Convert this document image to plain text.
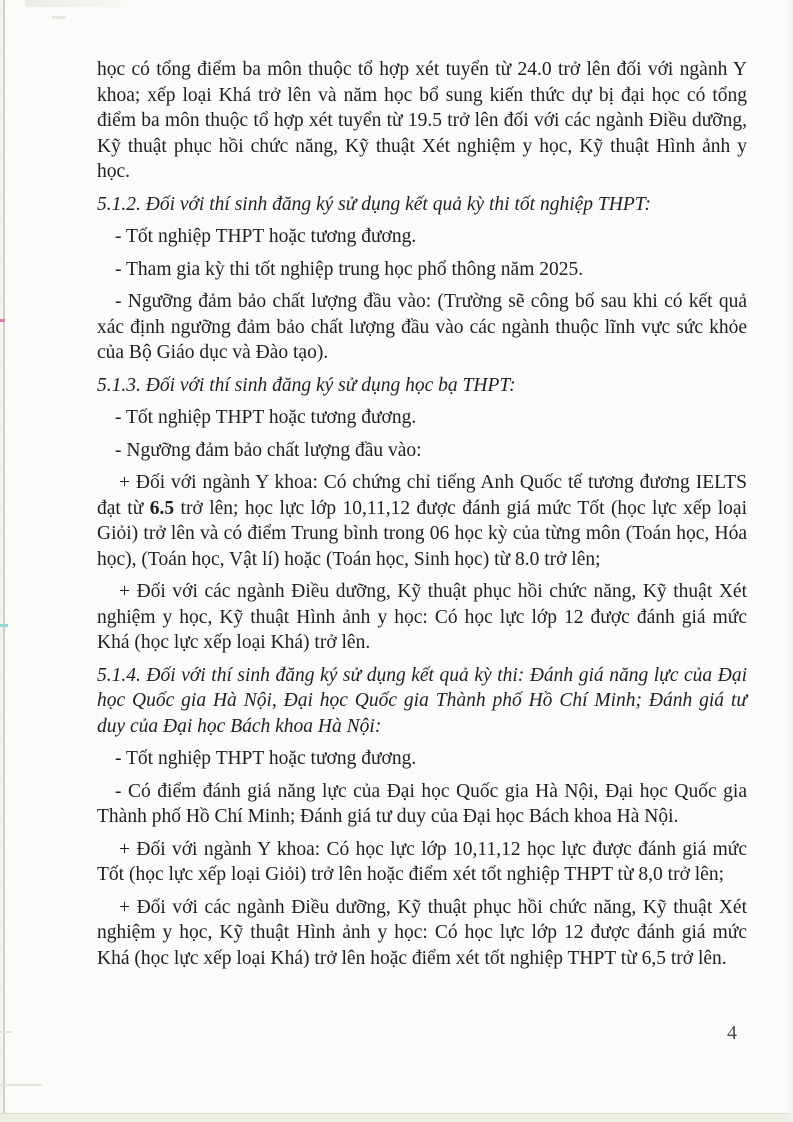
học có tổng điểm ba môn thuộc tổ hợp xét tuyển từ 24.0 trở lên đối với ngành Y khoa; xếp loại Khá trở lên và năm học bổ sung kiến thức dự bị đại học có tổng điểm ba môn thuộc tổ hợp xét tuyển từ 19.5 trở lên đối với các ngành Điều dưỡng, Kỹ thuật phục hồi chức năng, Kỹ thuật Xét nghiệm y học, Kỹ thuật Hình ảnh y học.

5.1.2. Đối với thí sinh đăng ký sử dụng kết quả kỳ thi tốt nghiệp THPT:

- Tốt nghiệp THPT hoặc tương đương.

- Tham gia kỳ thi tốt nghiệp trung học phổ thông năm 2025.

- Ngưỡng đảm bảo chất lượng đầu vào: (Trường sẽ công bố sau khi có kết quả xác định ngưỡng đảm bảo chất lượng đầu vào các ngành thuộc lĩnh vực sức khỏe của Bộ Giáo dục và Đào tạo).

5.1.3. Đối với thí sinh đăng ký sử dụng học bạ THPT:

- Tốt nghiệp THPT hoặc tương đương.

- Ngưỡng đảm bảo chất lượng đầu vào:

+ Đối với ngành Y khoa: Có chứng chỉ tiếng Anh Quốc tế tương đương IELTS đạt từ 6.5 trở lên; học lực lớp 10,11,12 được đánh giá mức Tốt (học lực xếp loại Giỏi) trở lên và có điểm Trung bình trong 06 học kỳ của từng môn (Toán học, Hóa học), (Toán học, Vật lí) hoặc (Toán học, Sinh học) từ 8.0 trở lên;

+ Đối với các ngành Điều dưỡng, Kỹ thuật phục hồi chức năng, Kỹ thuật Xét nghiệm y học, Kỹ thuật Hình ảnh y học: Có học lực lớp 12 được đánh giá mức Khá (học lực xếp loại Khá) trở lên.

5.1.4. Đối với thí sinh đăng ký sử dụng kết quả kỳ thi: Đánh giá năng lực của Đại học Quốc gia Hà Nội, Đại học Quốc gia Thành phố Hồ Chí Minh; Đánh giá tư duy của Đại học Bách khoa Hà Nội:

- Tốt nghiệp THPT hoặc tương đương.

- Có điểm đánh giá năng lực của Đại học Quốc gia Hà Nội, Đại học Quốc gia Thành phố Hồ Chí Minh; Đánh giá tư duy của Đại học Bách khoa Hà Nội.

+ Đối với ngành Y khoa: Có học lực lớp 10,11,12 học lực được đánh giá mức Tốt (học lực xếp loại Giỏi) trở lên hoặc điểm xét tốt nghiệp THPT từ 8,0 trở lên;

+ Đối với các ngành Điều dưỡng, Kỹ thuật phục hồi chức năng, Kỹ thuật Xét nghiệm y học, Kỹ thuật Hình ảnh y học: Có học lực lớp 12 được đánh giá mức Khá (học lực xếp loại Khá) trở lên hoặc điểm xét tốt nghiệp THPT từ 6,5 trở lên.

4
